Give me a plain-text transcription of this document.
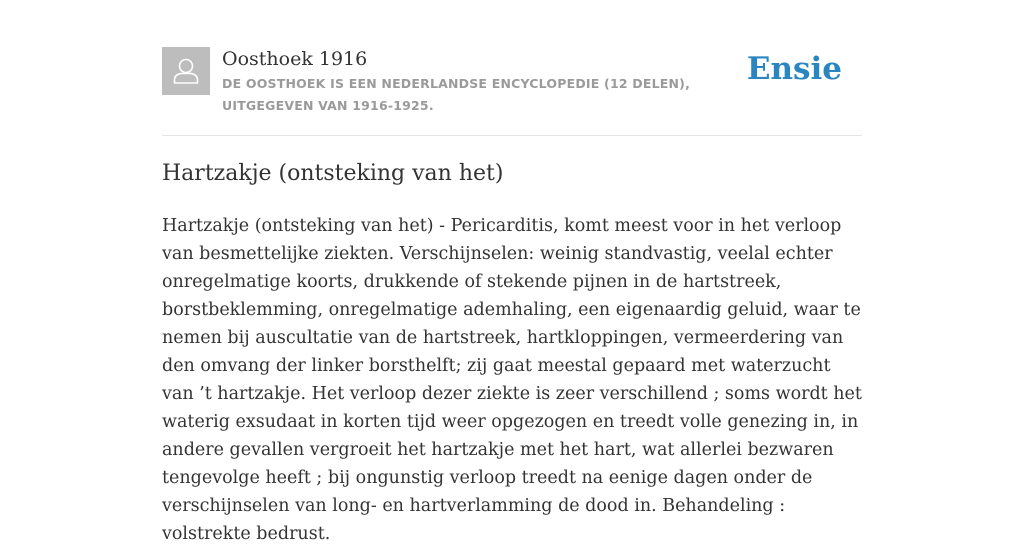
Oosthoek 1916
DE OOSTHOEK IS EEN NEDERLANDSE ENCYCLOPEDIE (12 DELEN), UITGEGEVEN VAN 1916-1925.
Ensie
Hartzakje (ontsteking van het)

Hartzakje (ontsteking van het) - Pericarditis, komt meest voor in het verloop van besmettelijke ziekten. Verschijnselen: weinig standvastig, veelal echter onregelmatige koorts, drukkende of stekende pijnen in de hartstreek, borstbeklemming, onregelmatige ademhaling, een eigenaardig geluid, waar te nemen bij auscultatie van de hartstreek, hartkloppingen, vermeerdering van den omvang der linker borsthelft; zij gaat meestal gepaard met waterzucht van ’t hartzakje. Het verloop dezer ziekte is zeer verschillend ; soms wordt het waterig exsudaat in korten tijd weer opgezogen en treedt volle genezing in, in andere gevallen vergroeit het hartzakje met het hart, wat allerlei bezwaren tengevolge heeft ; bij ongunstig verloop treedt na eenige dagen onder de verschijnselen van long- en hartverlamming de dood in. Behandeling : volstrekte bedrust.
